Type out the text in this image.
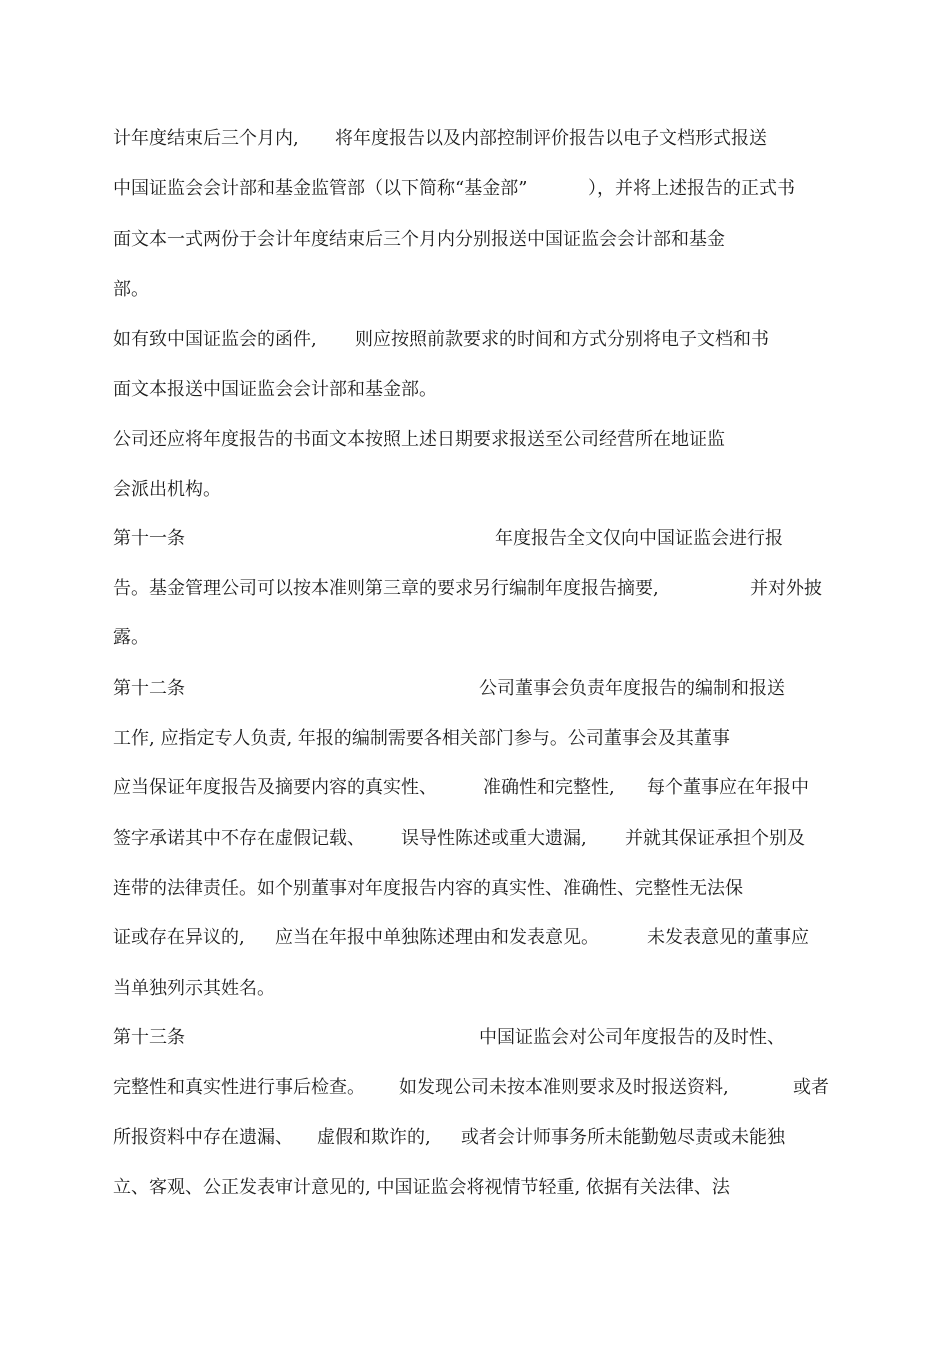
计年度结束后三个月内, 将年度报告以及内部控制评价报告以电子文档形式报送
中国证监会会计部和基金监管部（以下简称“基金部”	），并将上述报告的正式书
面文本一式两份于会计年度结束后三个月内分别报送中国证监会会计部和基金
部。
如有致中国证监会的函件, 则应按照前款要求的时间和方式分别将电子文档和书
面文本报送中国证监会会计部和基金部。
公司还应将年度报告的书面文本按照上述日期要求报送至公司经营所在地证监
会派出机构。
第十一条	年度报告全文仅向中国证监会进行报
告。基金管理公司可以按本准则第三章的要求另行编制年度报告摘要,	并对外披
露。
第十二条	公司董事会负责年度报告的编制和报送
工作, 应指定专人负责, 年报的编制需要各相关部门参与。公司董事会及其董事
应当保证年度报告及摘要内容的真实性、	准确性和完整性, 每个董事应在年报中
签字承诺其中不存在虚假记载、 误导性陈述或重大遗漏, 并就其保证承担个别及
连带的法律责任。如个别董事对年度报告内容的真实性、准确性、完整性无法保
证或存在异议的, 应当在年报中单独陈述理由和发表意见。	未发表意见的董事应
当单独列示其姓名。
第十三条	中国证监会对公司年度报告的及时性、
完整性和真实性进行事后检查。 如发现公司未按本准则要求及时报送资料,	或者
所报资料中存在遗漏、 虚假和欺诈的, 或者会计师事务所未能勤勉尽责或未能独
立、客观、公正发表审计意见的, 中国证监会将视情节轻重, 依据有关法律、法
